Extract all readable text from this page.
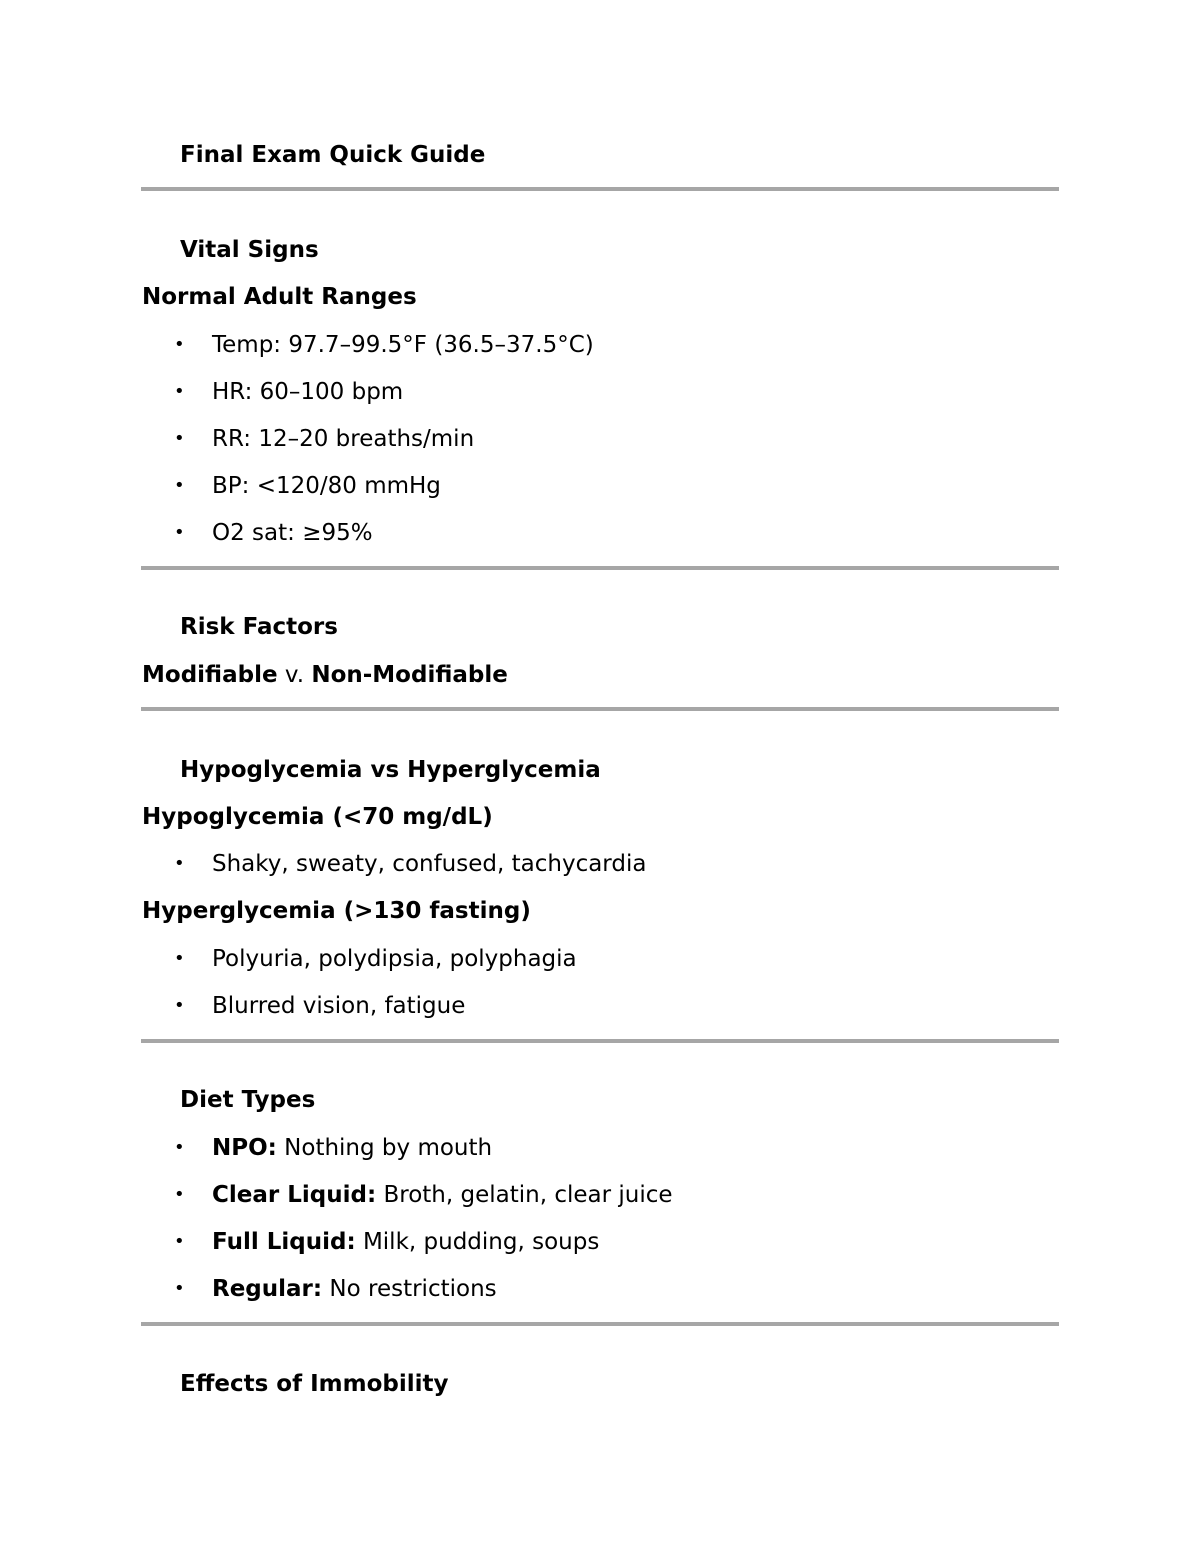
Final Exam Quick Guide
Vital Signs
Normal Adult Ranges
• Temp: 97.7–99.5°F (36.5–37.5°C)
• HR: 60–100 bpm
• RR: 12–20 breaths/min
• BP: <120/80 mmHg
• O2 sat: ≥95%
Risk Factors
Modifiable v. Non-Modifiable
Hypoglycemia vs Hyperglycemia
Hypoglycemia (<70 mg/dL)
• Shaky, sweaty, confused, tachycardia
Hyperglycemia (>130 fasting)
• Polyuria, polydipsia, polyphagia
• Blurred vision, fatigue
Diet Types
• NPO: Nothing by mouth
• Clear Liquid: Broth, gelatin, clear juice
• Full Liquid: Milk, pudding, soups
• Regular: No restrictions
Effects of Immobility
